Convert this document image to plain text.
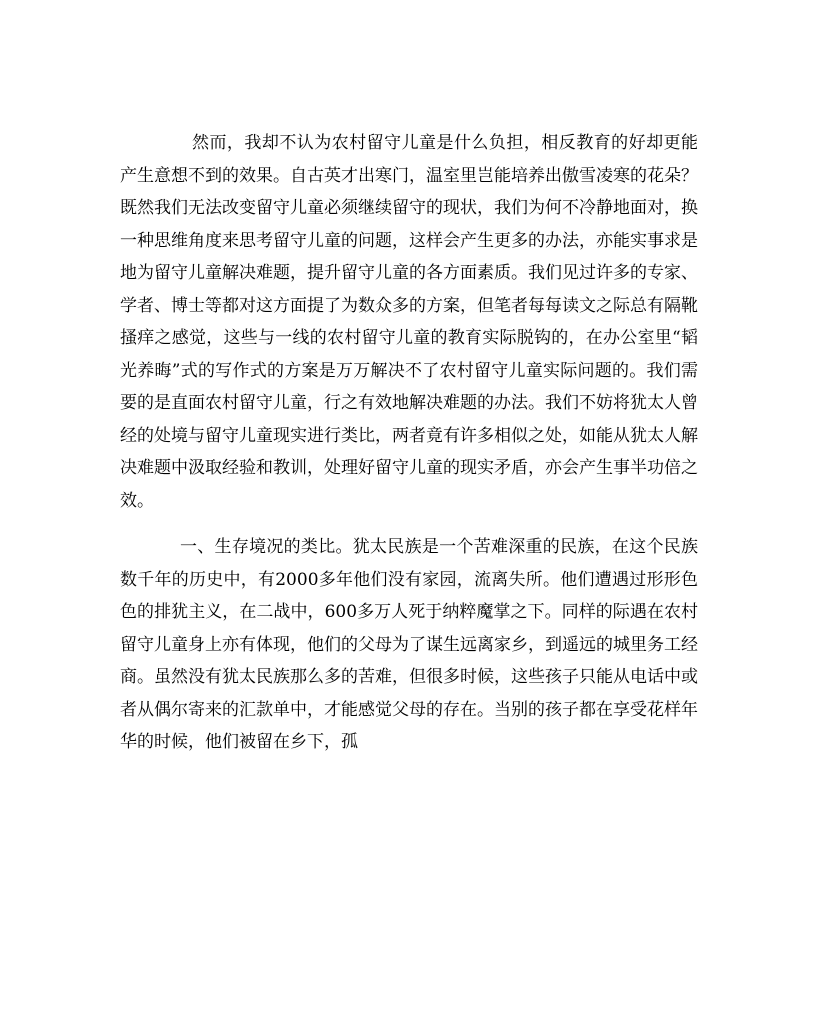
然而，我却不认为农村留守儿童是什么负担，相反教育的好却更能产生意想不到的效果。自古英才出寒门，温室里岂能培养出傲雪凌寒的花朵？既然我们无法改变留守儿童必须继续留守的现状，我们为何不冷静地面对，换一种思维角度来思考留守儿童的问题，这样会产生更多的办法，亦能实事求是地为留守儿童解决难题，提升留守儿童的各方面素质。我们见过许多的专家、学者、博士等都对这方面提了为数众多的方案，但笔者每每读文之际总有隔靴搔痒之感觉，这些与一线的农村留守儿童的教育实际脱钩的，在办公室里“韬光养晦”式的写作式的方案是万万解决不了农村留守儿童实际问题的。我们需要的是直面农村留守儿童，行之有效地解决难题的办法。我们不妨将犹太人曾经的处境与留守儿童现实进行类比，两者竟有许多相似之处，如能从犹太人解决难题中汲取经验和教训，处理好留守儿童的现实矛盾，亦会产生事半功倍之效。

一、生存境况的类比。犹太民族是一个苦难深重的民族，在这个民族数千年的历史中，有2000多年他们没有家园，流离失所。他们遭遇过形形色色的排犹主义，在二战中，600多万人死于纳粹魔掌之下。同样的际遇在农村留守儿童身上亦有体现，他们的父母为了谋生远离家乡，到遥远的城里务工经商。虽然没有犹太民族那么多的苦难，但很多时候，这些孩子只能从电话中或者从偶尔寄来的汇款单中，才能感觉父母的存在。当别的孩子都在享受花样年华的时候，他们被留在乡下，孤
